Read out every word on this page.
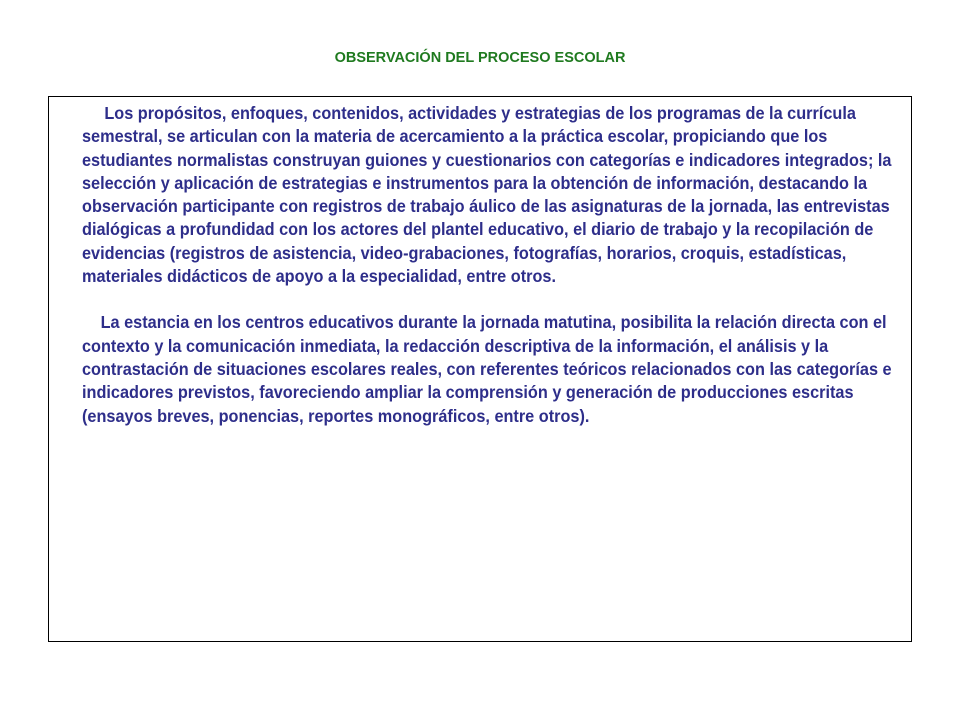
OBSERVACIÓN DEL PROCESO ESCOLAR

Los propósitos, enfoques, contenidos, actividades y estrategias de los programas de la currícula semestral, se articulan con la materia de acercamiento a la práctica escolar, propiciando que los estudiantes normalistas construyan guiones y cuestionarios con categorías e indicadores integrados; la selección y aplicación de estrategias e instrumentos para la obtención de información, destacando la observación participante con registros de trabajo áulico de las asignaturas de la jornada, las entrevistas dialógicas a profundidad con los actores del plantel educativo, el diario de trabajo y la recopilación de evidencias (registros de asistencia, video-grabaciones, fotografías, horarios, croquis, estadísticas, materiales didácticos de apoyo a la especialidad, entre otros.

La estancia en los centros educativos durante la jornada matutina, posibilita la relación directa con el contexto y la comunicación inmediata, la redacción descriptiva de la información, el análisis y la contrastación de situaciones escolares reales, con referentes teóricos relacionados con las categorías e indicadores previstos, favoreciendo ampliar la comprensión y generación de producciones escritas (ensayos breves, ponencias, reportes monográficos, entre otros).
